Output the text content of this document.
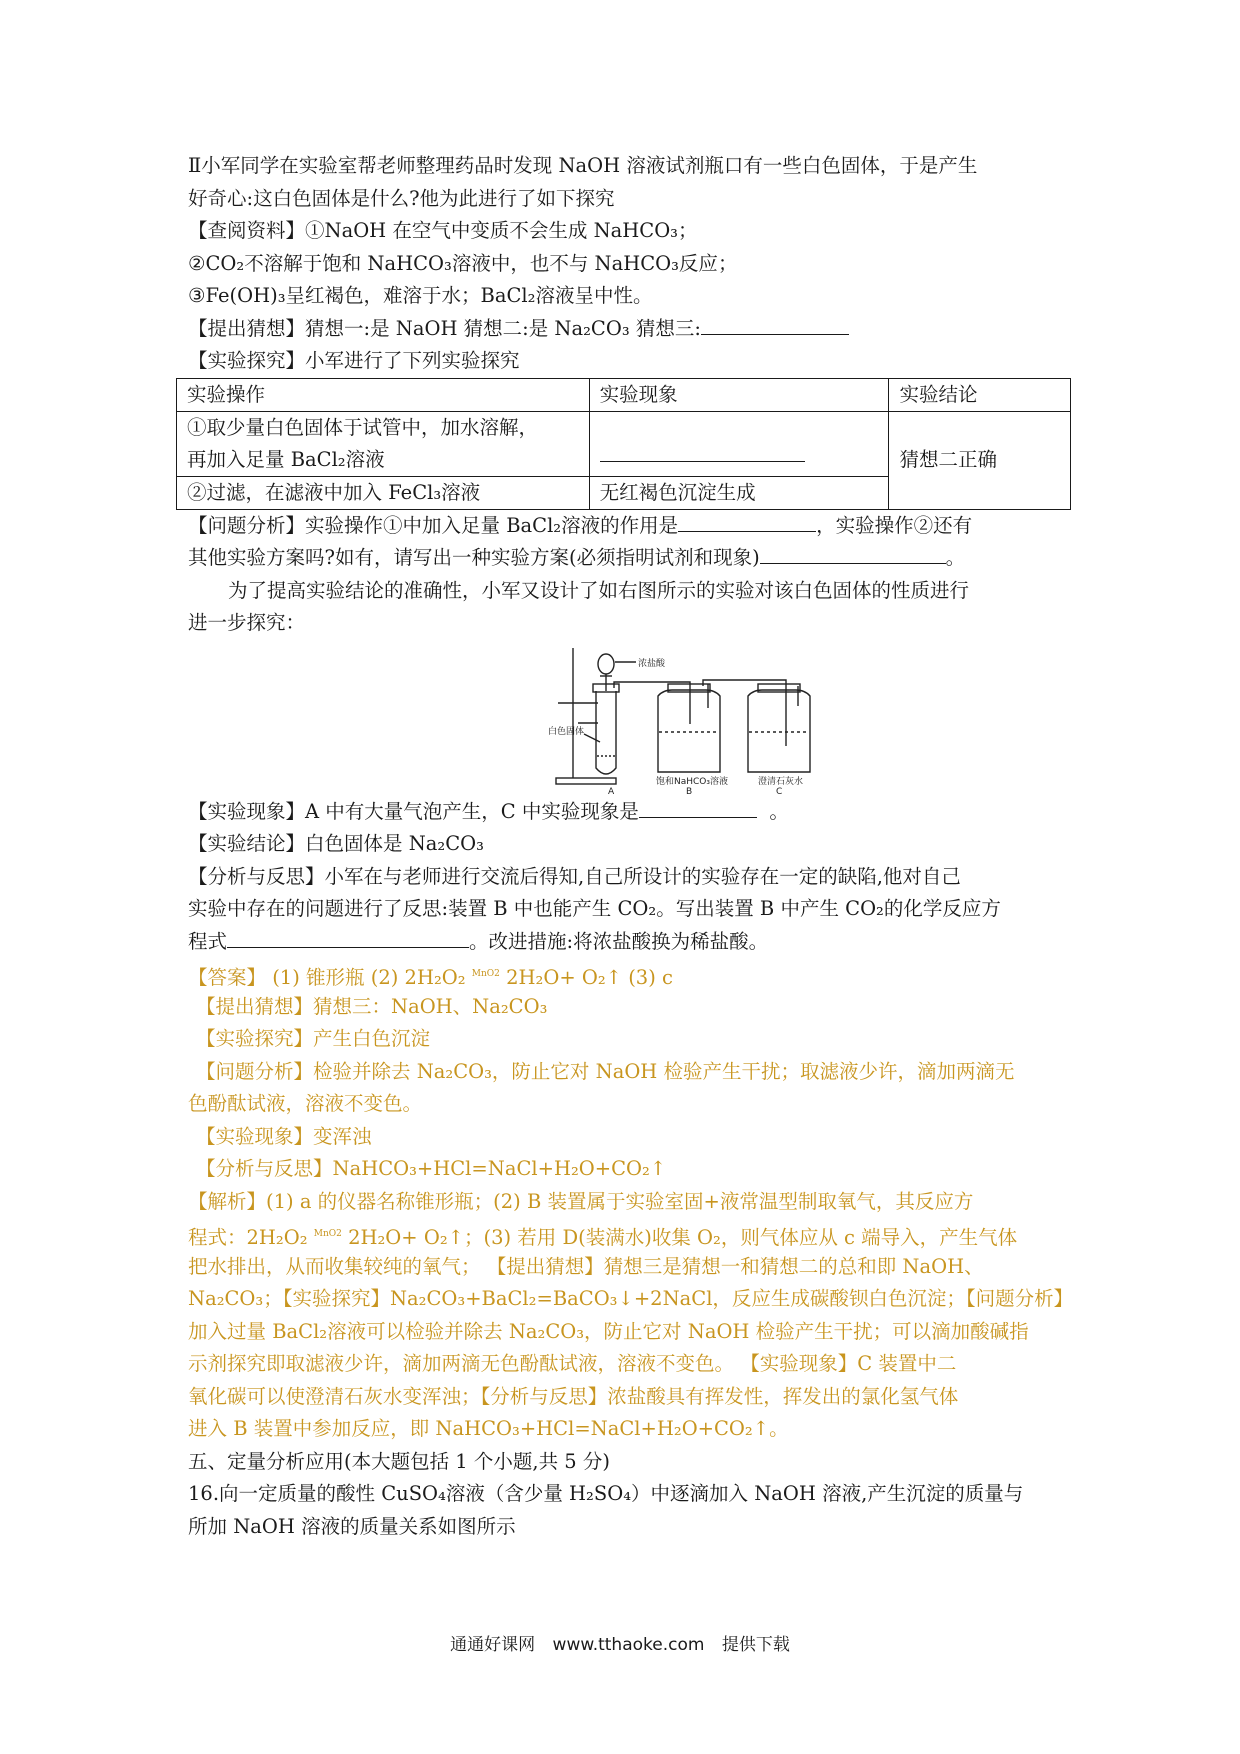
Ⅱ小军同学在实验室帮老师整理药品时发现 NaOH 溶液试剂瓶口有一些白色固体，于是产生
好奇心:这白色固体是什么?他为此进行了如下探究
【查阅资料】①NaOH 在空气中变质不会生成 NaHCO₃；
②CO₂不溶解于饱和 NaHCO₃溶液中，也不与 NaHCO₃反应；
③Fe(OH)₃呈红褐色，难溶于水；BaCl₂溶液呈中性。
【提出猜想】猜想一:是 NaOH 猜想二:是 Na₂CO₃ 猜想三:
【实验探究】小军进行了下列实验探究
实验操作	实验现象	实验结论

①取少量白色固体于试管中，加水溶解，
再加入足量 BaCl₂溶液		猜想二正确
②过滤，在滤液中加入 FeCl₃溶液	无红褐色沉淀生成	
【问题分析】实验操作①中加入足量 BaCl₂溶液的作用是	，实验操作②还有
其他实验方案吗?如有，请写出一种实验方案(必须指明试剂和现象)	。
为了提高实验结论的准确性，小军又设计了如右图所示的实验对该白色固体的性质进行
进一步探究：
浓盐酸
白色固体
饱和NaHCO₃溶液	澄清石灰水
A	B	C
【实验现象】A 中有大量气泡产生，C 中实验现象是	。
【实验结论】白色固体是 Na₂CO₃
【分析与反思】小军在与老师进行交流后得知,自己所设计的实验存在一定的缺陷,他对自己
实验中存在的问题进行了反思:装置 B 中也能产生 CO₂。写出装置 B 中产生 CO₂的化学反应方
程式	。改进措施:将浓盐酸换为稀盐酸。
【答案】 (1) 锥形瓶 (2) 2H₂O₂ $^{MnO2}$ 2H₂O+ O₂↑ (3) c
【提出猜想】猜想三：NaOH、Na₂CO₃
【实验探究】产生白色沉淀
【问题分析】检验并除去 Na₂CO₃，防止它对 NaOH 检验产生干扰；取滤液少许，滴加两滴无
色酚酞试液，溶液不变色。
【实验现象】变浑浊
【分析与反思】NaHCO₃+HCl=NaCl+H₂O+CO₂↑
【解析】(1) a 的仪器名称锥形瓶；(2) B 装置属于实验室固+液常温型制取氧气，其反应方
程式：2H₂O₂ $^{MnO2}$ 2H₂O+ O₂↑；(3) 若用 D(装满水)收集 O₂，则气体应从 c 端导入，产生气体
把水排出，从而收集较纯的氧气； 【提出猜想】猜想三是猜想一和猜想二的总和即 NaOH、
Na₂CO₃；【实验探究】Na₂CO₃+BaCl₂=BaCO₃↓+2NaCl，反应生成碳酸钡白色沉淀；【问题分析】
加入过量 BaCl₂溶液可以检验并除去 Na₂CO₃，防止它对 NaOH 检验产生干扰；可以滴加酸碱指
示剂探究即取滤液少许，滴加两滴无色酚酞试液，溶液不变色。 【实验现象】C 装置中二
氧化碳可以使澄清石灰水变浑浊；【分析与反思】浓盐酸具有挥发性，挥发出的氯化氢气体
进入 B 装置中参加反应，即 NaHCO₃+HCl=NaCl+H₂O+CO₂↑。
五、定量分析应用(本大题包括 1 个小题,共 5 分)
16.向一定质量的酸性 CuSO₄溶液（含少量 H₂SO₄）中逐滴加入 NaOH 溶液,产生沉淀的质量与
所加 NaOH 溶液的质量关系如图所示
通通好课网 www.tthaoke.com 提供下载
